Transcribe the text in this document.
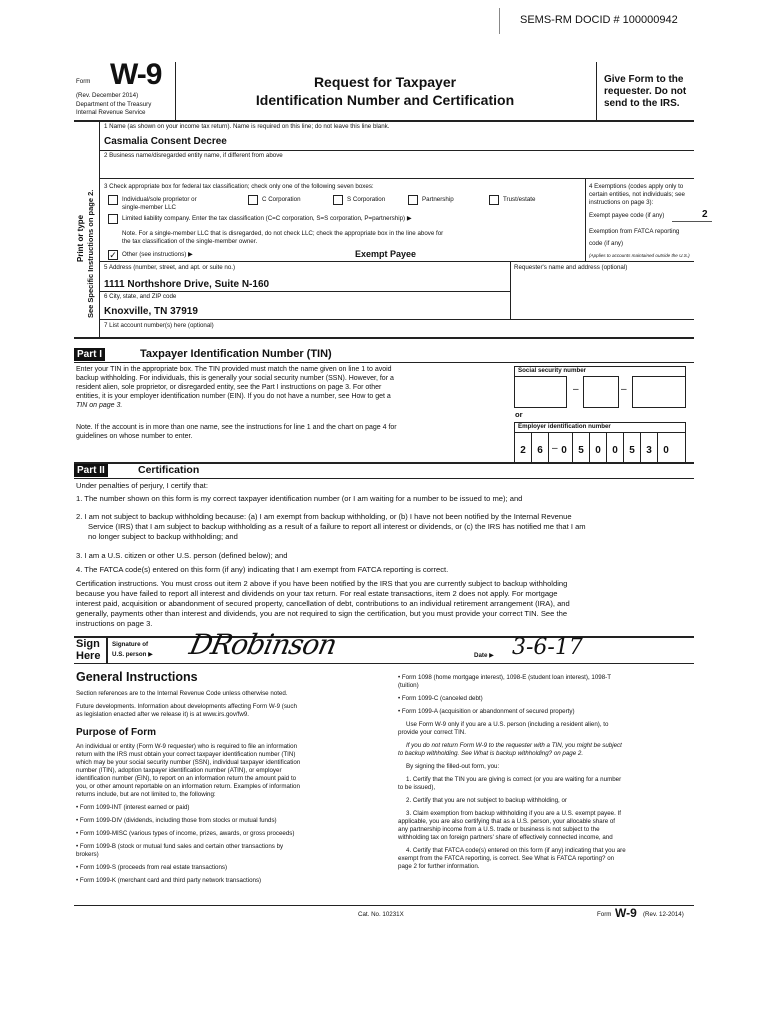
SEMS-RM DOCID # 100000942
Form W-9
(Rev. December 2014)
Department of the Treasury
Internal Revenue Service
Request for Taxpayer
Identification Number and Certification
Give Form to the
requester. Do not
send to the IRS.
Print or type See Specific Instructions on page 2.
1 Name (as shown on your income tax return). Name is required on this line; do not leave this line blank.
Casmalia Consent Decree
2 Business name/disregarded entity name, if different from above
3 Check appropriate box for federal tax classification; check only one of the following seven boxes:
Individual/sole proprietor or
single-member LLC
C Corporation	S Corporation	Partnership	Trust/estate
Limited liability company. Enter the tax classification (C=C corporation, S=S corporation, P=partnership) ▶
Note. For a single-member LLC that is disregarded, do not check LLC; check the appropriate box in the line above for
the tax classification of the single-member owner.
✓ Other (see instructions) ▶	Exempt Payee
4 Exemptions (codes apply only to
certain entities, not individuals; see
instructions on page 3):
Exempt payee code (if any)	2
Exemption from FATCA reporting
code (if any)
(Applies to accounts maintained outside the U.S.)
5 Address (number, street, and apt. or suite no.)
1111 Northshore Drive, Suite N-160
Requester's name and address (optional)
6 City, state, and ZIP code
Knoxville, TN 37919
7 List account number(s) here (optional)
Part I	Taxpayer Identification Number (TIN)
Enter your TIN in the appropriate box. The TIN provided must match the name given on line 1 to avoid
backup withholding. For individuals, this is generally your social security number (SSN). However, for a
resident alien, sole proprietor, or disregarded entity, see the Part I instructions on page 3. For other
entities, it is your employer identification number (EIN). If you do not have a number, see How to get a
TIN on page 3.
Note. If the account is in more than one name, see the instructions for line 1 and the chart on page 4 for
guidelines on whose number to enter.
Social security number
–	–
or
Employer identification number
2	6 – 0	5	0	0	5	3	0
Part II	Certification
Under penalties of perjury, I certify that:
1. The number shown on this form is my correct taxpayer identification number (or I am waiting for a number to be issued to me); and
2. I am not subject to backup withholding because: (a) I am exempt from backup withholding, or (b) I have not been notified by the Internal Revenue
Service (IRS) that I am subject to backup withholding as a result of a failure to report all interest or dividends, or (c) the IRS has notified me that I am
no longer subject to backup withholding; and
3. I am a U.S. citizen or other U.S. person (defined below); and
4. The FATCA code(s) entered on this form (if any) indicating that I am exempt from FATCA reporting is correct.
Certification instructions. You must cross out item 2 above if you have been notified by the IRS that you are currently subject to backup withholding
because you have failed to report all interest and dividends on your tax return. For real estate transactions, item 2 does not apply. For mortgage
interest paid, acquisition or abandonment of secured property, cancellation of debt, contributions to an individual retirement arrangement (IRA), and
generally, payments other than interest and dividends, you are not required to sign the certification, but you must provide your correct TIN. See the
instructions on page 3.
Sign
Here
Signature of
U.S. person ▶ DRobinson	Date ▶ 3-6-17
General Instructions
Section references are to the Internal Revenue Code unless otherwise noted.
Future developments. Information about developments affecting Form W-9 (such
as legislation enacted after we release it) is at www.irs.gov/fw9.
Purpose of Form
An individual or entity (Form W-9 requester) who is required to file an information
return with the IRS must obtain your correct taxpayer identification number (TIN)
which may be your social security number (SSN), individual taxpayer identification
number (ITIN), adoption taxpayer identification number (ATIN), or employer
identification number (EIN), to report on an information return the amount paid to
you, or other amount reportable on an information return. Examples of information
returns include, but are not limited to, the following:
• Form 1099-INT (interest earned or paid)
• Form 1099-DIV (dividends, including those from stocks or mutual funds)
• Form 1099-MISC (various types of income, prizes, awards, or gross proceeds)
• Form 1099-B (stock or mutual fund sales and certain other transactions by
brokers)
• Form 1099-S (proceeds from real estate transactions)
• Form 1099-K (merchant card and third party network transactions)
• Form 1098 (home mortgage interest), 1098-E (student loan interest), 1098-T
(tuition)
• Form 1099-C (canceled debt)
• Form 1099-A (acquisition or abandonment of secured property)
Use Form W-9 only if you are a U.S. person (including a resident alien), to
provide your correct TIN.
If you do not return Form W-9 to the requester with a TIN, you might be subject
to backup withholding. See What is backup withholding? on page 2.
By signing the filled-out form, you:
1. Certify that the TIN you are giving is correct (or you are waiting for a number
to be issued),
2. Certify that you are not subject to backup withholding, or
3. Claim exemption from backup withholding if you are a U.S. exempt payee. If
applicable, you are also certifying that as a U.S. person, your allocable share of
any partnership income from a U.S. trade or business is not subject to the
withholding tax on foreign partners' share of effectively connected income, and
4. Certify that FATCA code(s) entered on this form (if any) indicating that you are
exempt from the FATCA reporting, is correct. See What is FATCA reporting? on
page 2 for further information.
Cat. No. 10231X	Form W-9 (Rev. 12-2014)
